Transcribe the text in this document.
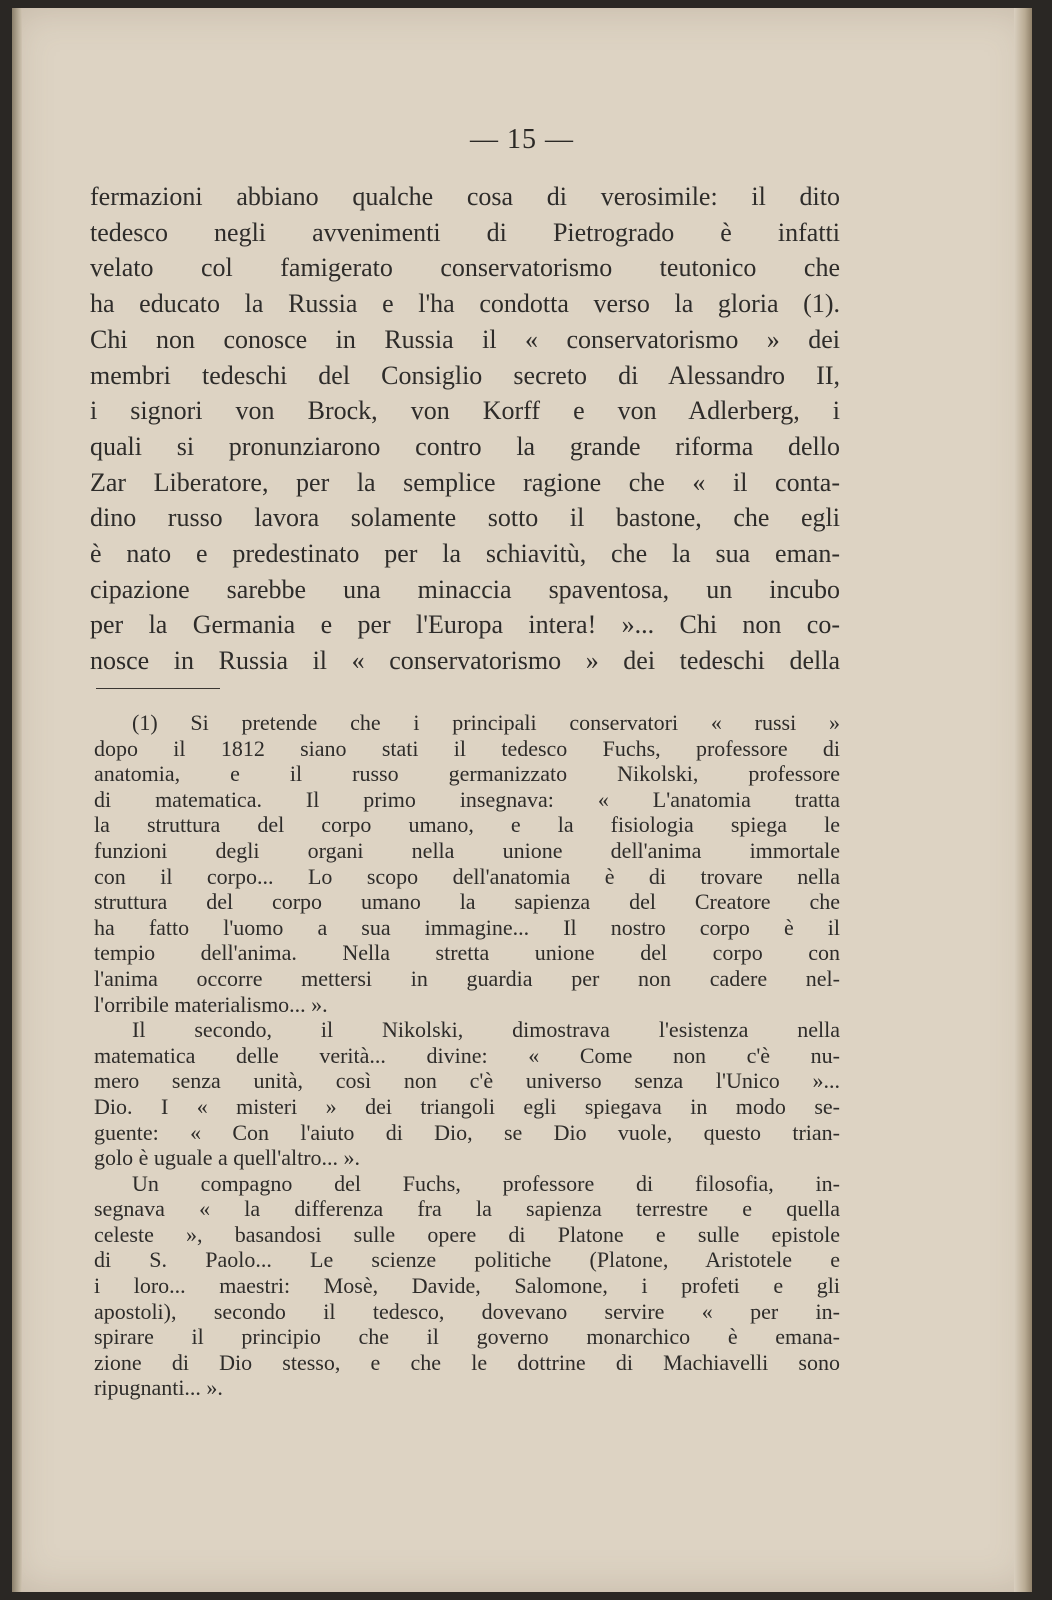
— 15 —
fermazioni abbiano qualche cosa di verosimile: il dito
tedesco negli avvenimenti di Pietrogrado è infatti
velato col famigerato conservatorismo teutonico che
ha educato la Russia e l'ha condotta verso la gloria (1).
Chi non conosce in Russia il « conservatorismo » dei
membri tedeschi del Consiglio secreto di Alessandro II,
i signori von Brock, von Korff e von Adlerberg, i
quali si pronunziarono contro la grande riforma dello
Zar Liberatore, per la semplice ragione che « il conta-
dino russo lavora solamente sotto il bastone, che egli
è nato e predestinato per la schiavitù, che la sua eman-
cipazione sarebbe una minaccia spaventosa, un incubo
per la Germania e per l'Europa intera! »... Chi non co-
nosce in Russia il « conservatorismo » dei tedeschi della
(1) Si pretende che i principali conservatori « russi »
dopo il 1812 siano stati il tedesco Fuchs, professore di
anatomia, e il russo germanizzato Nikolski, professore
di matematica. Il primo insegnava: « L'anatomia tratta
la struttura del corpo umano, e la fisiologia spiega le
funzioni degli organi nella unione dell'anima immortale
con il corpo... Lo scopo dell'anatomia è di trovare nella
struttura del corpo umano la sapienza del Creatore che
ha fatto l'uomo a sua immagine... Il nostro corpo è il
tempio dell'anima. Nella stretta unione del corpo con
l'anima occorre mettersi in guardia per non cadere nel-
l'orribile materialismo... ».
Il secondo, il Nikolski, dimostrava l'esistenza nella
matematica delle verità... divine: « Come non c'è nu-
mero senza unità, così non c'è universo senza l'Unico »...
Dio. I « misteri » dei triangoli egli spiegava in modo se-
guente: « Con l'aiuto di Dio, se Dio vuole, questo trian-
golo è uguale a quell'altro... ».
Un compagno del Fuchs, professore di filosofia, in-
segnava « la differenza fra la sapienza terrestre e quella
celeste », basandosi sulle opere di Platone e sulle epistole
di S. Paolo... Le scienze politiche (Platone, Aristotele e
i loro... maestri: Mosè, Davide, Salomone, i profeti e gli
apostoli), secondo il tedesco, dovevano servire « per in-
spirare il principio che il governo monarchico è emana-
zione di Dio stesso, e che le dottrine di Machiavelli sono
ripugnanti... ».
